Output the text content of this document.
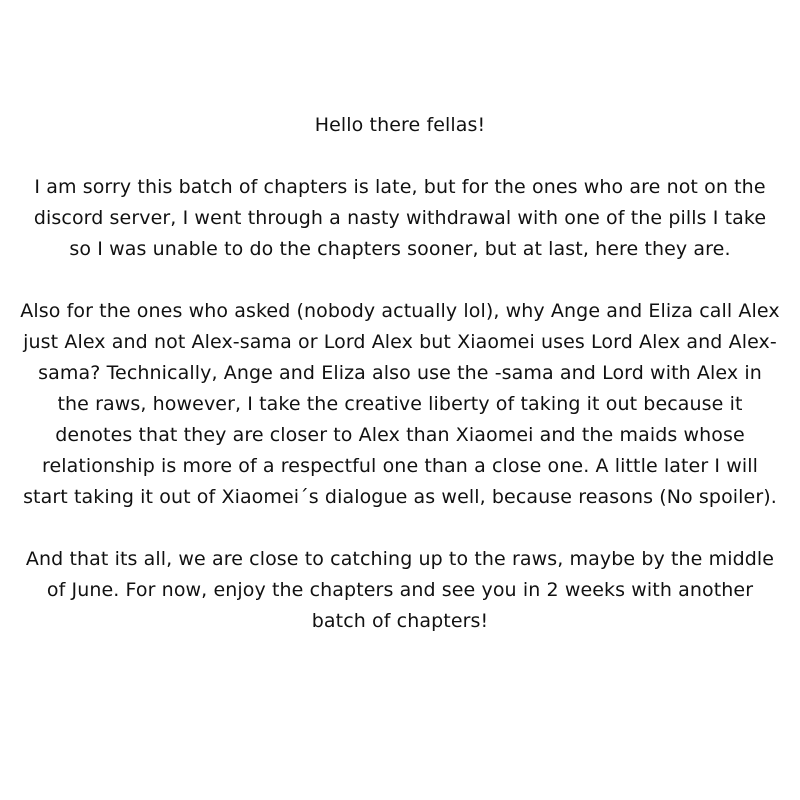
Hello there fellas!

I am sorry this batch of chapters is late, but for the ones who are not on the discord server, I went through a nasty withdrawal with one of the pills I take so I was unable to do the chapters sooner, but at last, here they are.

Also for the ones who asked (nobody actually lol), why Ange and Eliza call Alex just Alex and not Alex-sama or Lord Alex but Xiaomei uses Lord Alex and Alex-sama? Technically, Ange and Eliza also use the -sama and Lord with Alex in the raws, however, I take the creative liberty of taking it out because it denotes that they are closer to Alex than Xiaomei and the maids whose relationship is more of a respectful one than a close one. A little later I will start taking it out of Xiaomei´s dialogue as well, because reasons (No spoiler).

And that its all, we are close to catching up to the raws, maybe by the middle of June. For now, enjoy the chapters and see you in 2 weeks with another batch of chapters!
